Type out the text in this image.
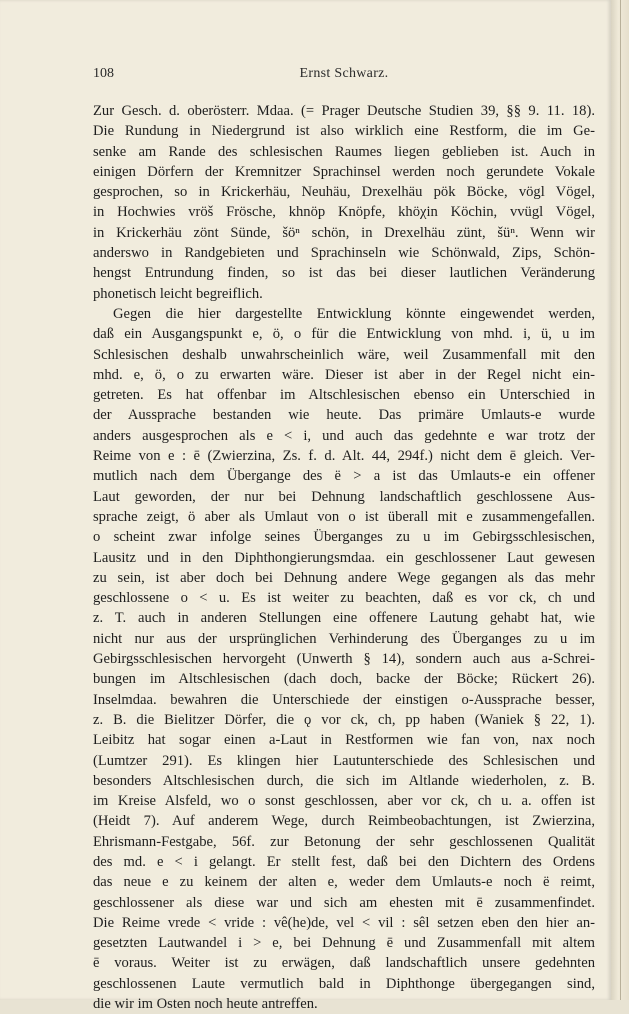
108	Ernst Schwarz.

Zur Gesch. d. oberösterr. Mdaa. (= Prager Deutsche Studien 39, §§ 9. 11. 18).

Die Rundung in Niedergrund ist also wirklich eine Restform, die im Ge-

senke am Rande des schlesischen Raumes liegen geblieben ist. Auch in

einigen Dörfern der Kremnitzer Sprachinsel werden noch gerundete Vokale

gesprochen, so in Krickerhäu, Neuhäu, Drexelhäu pök Böcke, vögl Vögel,

in Hochwies vröš Frösche, khnöp Knöpfe, khöχin Köchin, vvügl Vögel,

in Krickerhäu zönt Sünde, šöⁿ schön, in Drexelhäu zünt, šüⁿ. Wenn wir

anderswo in Randgebieten und Sprachinseln wie Schönwald, Zips, Schön-

hengst Entrundung finden, so ist das bei dieser lautlichen Veränderung

phonetisch leicht begreiflich.

Gegen die hier dargestellte Entwicklung könnte eingewendet werden,

daß ein Ausgangspunkt e, ö, o für die Entwicklung von mhd. i, ü, u im

Schlesischen deshalb unwahrscheinlich wäre, weil Zusammenfall mit den

mhd. e, ö, o zu erwarten wäre. Dieser ist aber in der Regel nicht ein-

getreten. Es hat offenbar im Altschlesischen ebenso ein Unterschied in

der Aussprache bestanden wie heute. Das primäre Umlauts-e wurde

anders ausgesprochen als e < i, und auch das gedehnte e war trotz der

Reime von e : ē (Zwierzina, Zs. f. d. Alt. 44, 294f.) nicht dem ē gleich. Ver-

mutlich nach dem Übergange des ë > a ist das Umlauts-e ein offener

Laut geworden, der nur bei Dehnung landschaftlich geschlossene Aus-

sprache zeigt, ö aber als Umlaut von o ist überall mit e zusammengefallen.

o scheint zwar infolge seines Überganges zu u im Gebirgsschlesischen,

Lausitz und in den Diphthongierungsmdaa. ein geschlossener Laut gewesen

zu sein, ist aber doch bei Dehnung andere Wege gegangen als das mehr

geschlossene o < u. Es ist weiter zu beachten, daß es vor ck, ch und

z. T. auch in anderen Stellungen eine offenere Lautung gehabt hat, wie

nicht nur aus der ursprünglichen Verhinderung des Überganges zu u im

Gebirgsschlesischen hervorgeht (Unwerth § 14), sondern auch aus a-Schrei-

bungen im Altschlesischen (dach doch, backe der Böcke; Rückert 26).

Inselmdaa. bewahren die Unterschiede der einstigen o-Aussprache besser,

z. B. die Bielitzer Dörfer, die ǫ vor ck, ch, pp haben (Waniek § 22, 1).

Leibitz hat sogar einen a-Laut in Restformen wie fan von, nax noch

(Lumtzer 291). Es klingen hier Lautunterschiede des Schlesischen und

besonders Altschlesischen durch, die sich im Altlande wiederholen, z. B.

im Kreise Alsfeld, wo o sonst geschlossen, aber vor ck, ch u. a. offen ist

(Heidt 7). Auf anderem Wege, durch Reimbeobachtungen, ist Zwierzina,

Ehrismann-Festgabe, 56f. zur Betonung der sehr geschlossenen Qualität

des md. e < i gelangt. Er stellt fest, daß bei den Dichtern des Ordens

das neue e zu keinem der alten e, weder dem Umlauts-e noch ë reimt,

geschlossener als diese war und sich am ehesten mit ē zusammenfindet.

Die Reime vrede < vride : vê(he)de, vel < vil : sêl setzen eben den hier an-

gesetzten Lautwandel i > e, bei Dehnung ē und Zusammenfall mit altem

ē voraus. Weiter ist zu erwägen, daß landschaftlich unsere gedehnten

geschlossenen Laute vermutlich bald in Diphthonge übergegangen sind,

die wir im Osten noch heute antreffen.
